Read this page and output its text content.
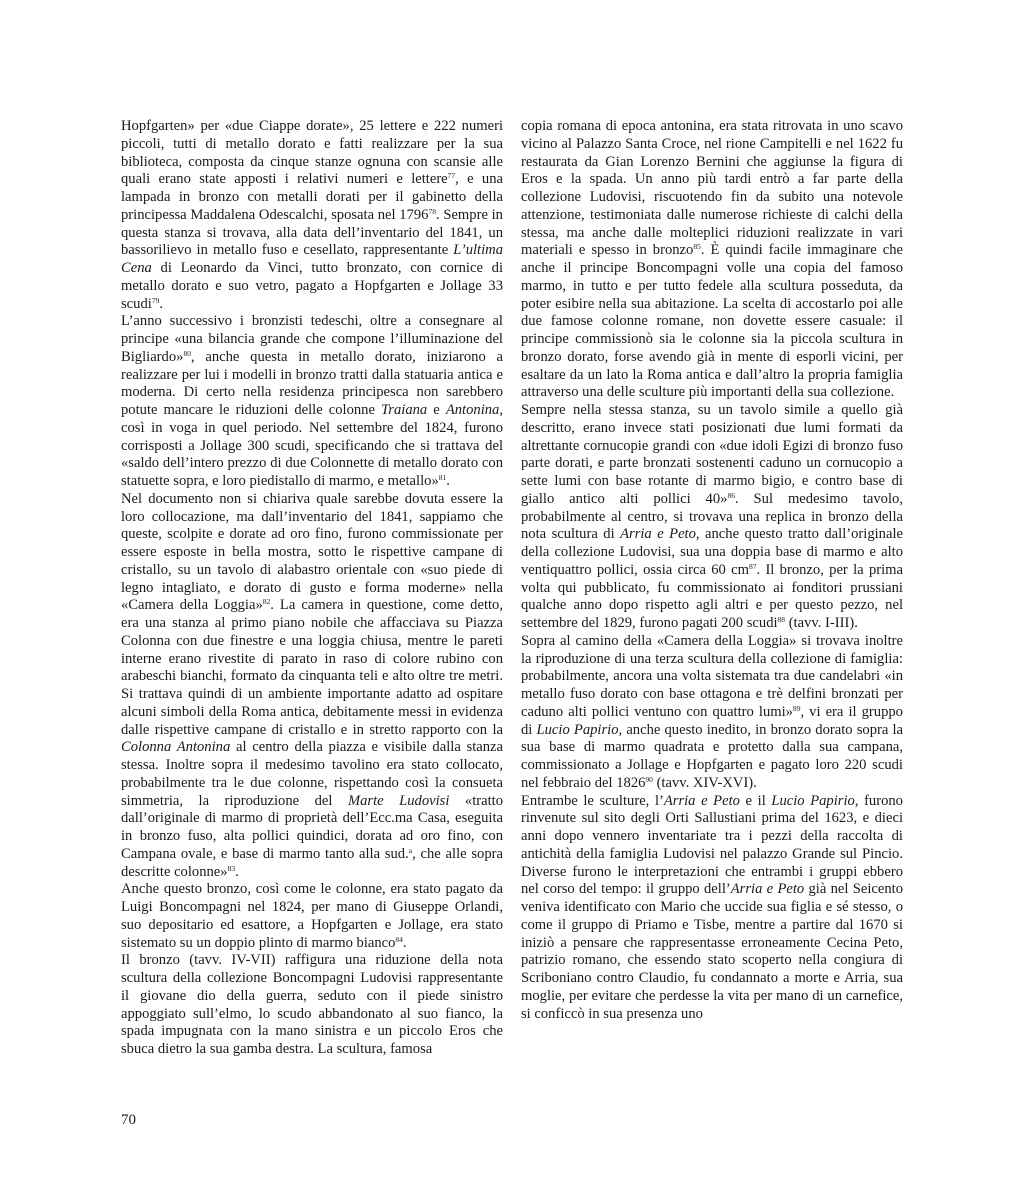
Hopfgarten» per «due Ciappe dorate», 25 lettere e 222 numeri piccoli, tutti di metallo dorato e fatti realizzare per la sua biblioteca, composta da cinque stanze ognuna con scansie alle quali erano state apposti i relativi numeri e lettere$^{77}$, e una lampada in bronzo con metalli dorati per il gabinetto della principessa Maddalena Odescalchi, sposata nel 1796$^{78}$. Sempre in questa stanza si trovava, alla data dell’inventario del 1841, un bassorilievo in metallo fuso e cesellato, rappresentante L’ultima Cena di Leonardo da Vinci, tutto bronzato, con cornice di metallo dorato e suo vetro, pagato a Hopfgarten e Jollage 33 scudi$^{79}$.

L’anno successivo i bronzisti tedeschi, oltre a consegnare al principe «una bilancia grande che compone l’illuminazione del Bigliardo»$^{80}$, anche questa in metallo dorato, iniziarono a realizzare per lui i modelli in bronzo tratti dalla statuaria antica e moderna. Di certo nella residenza principesca non sarebbero potute mancare le riduzioni delle colonne Traiana e Antonina, così in voga in quel periodo. Nel settembre del 1824, furono corrisposti a Jollage 300 scudi, specificando che si trattava del «saldo dell’intero prezzo di due Colonnette di metallo dorato con statuette sopra, e loro piedistallo di marmo, e metallo»$^{81}$.

Nel documento non si chiariva quale sarebbe dovuta essere la loro collocazione, ma dall’inventario del 1841, sappiamo che queste, scolpite e dorate ad oro fino, furono commissionate per essere esposte in bella mostra, sotto le rispettive campane di cristallo, su un tavolo di alabastro orientale con «suo piede di legno intagliato, e dorato di gusto e forma moderne» nella «Camera della Loggia»$^{82}$. La camera in questione, come detto, era una stanza al primo piano nobile che affacciava su Piazza Colonna con due finestre e una loggia chiusa, mentre le pareti interne erano rivestite di parato in raso di colore rubino con arabeschi bianchi, formato da cinquanta teli e alto oltre tre metri. Si trattava quindi di un ambiente importante adatto ad ospitare alcuni simboli della Roma antica, debitamente messi in evidenza dalle rispettive campane di cristallo e in stretto rapporto con la Colonna Antonina al centro della piazza e visibile dalla stanza stessa. Inoltre sopra il medesimo tavolino era stato collocato, probabilmente tra le due colonne, rispettando così la consueta simmetria, la riproduzione del Marte Ludovisi «tratto dall’originale di marmo di proprietà dell’Ecc.ma Casa, eseguita in bronzo fuso, alta pollici quindici, dorata ad oro fino, con Campana ovale, e base di marmo tanto alla sud.$^a$, che alle sopra descritte colonne»$^{83}$.

Anche questo bronzo, così come le colonne, era stato pagato da Luigi Boncompagni nel 1824, per mano di Giuseppe Orlandi, suo depositario ed esattore, a Hopfgarten e Jollage, era stato sistemato su un doppio plinto di marmo bianco$^{84}$.

Il bronzo (tavv. IV-VII) raffigura una riduzione della nota scultura della collezione Boncompagni Ludovisi rappresentante il giovane dio della guerra, seduto con il piede sinistro appoggiato sull’elmo, lo scudo abbandonato al suo fianco, la spada impugnata con la mano sinistra e un piccolo Eros che sbuca dietro la sua gamba destra. La scultura, famosa

copia romana di epoca antonina, era stata ritrovata in uno scavo vicino al Palazzo Santa Croce, nel rione Campitelli e nel 1622 fu restaurata da Gian Lorenzo Bernini che aggiunse la figura di Eros e la spada. Un anno più tardi entrò a far parte della collezione Ludovisi, riscuotendo fin da subito una notevole attenzione, testimoniata dalle numerose richieste di calchi della stessa, ma anche dalle molteplici riduzioni realizzate in vari materiali e spesso in bronzo$^{85}$. È quindi facile immaginare che anche il principe Boncompagni volle una copia del famoso marmo, in tutto e per tutto fedele alla scultura posseduta, da poter esibire nella sua abitazione. La scelta di accostarlo poi alle due famose colonne romane, non dovette essere casuale: il principe commissionò sia le colonne sia la piccola scultura in bronzo dorato, forse avendo già in mente di esporli vicini, per esaltare da un lato la Roma antica e dall’altro la propria famiglia attraverso una delle sculture più importanti della sua collezione.

Sempre nella stessa stanza, su un tavolo simile a quello già descritto, erano invece stati posizionati due lumi formati da altrettante cornucopie grandi con «due idoli Egizi di bronzo fuso parte dorati, e parte bronzati sostenenti caduno un cornucopio a sette lumi con base rotante di marmo bigio, e contro base di giallo antico alti pollici 40»$^{86}$. Sul medesimo tavolo, probabilmente al centro, si trovava una replica in bronzo della nota scultura di Arria e Peto, anche questo tratto dall’originale della collezione Ludovisi, sua una doppia base di marmo e alto ventiquattro pollici, ossia circa 60 $cm^{87}$. Il bronzo, per la prima volta qui pubblicato, fu commissionato ai fonditori prussiani qualche anno dopo rispetto agli altri e per questo pezzo, nel settembre del 1829, furono pagati 200 scudi$^{88}$ (tavv. I-III).

Sopra al camino della «Camera della Loggia» si trovava inoltre la riproduzione di una terza scultura della collezione di famiglia: probabilmente, ancora una volta sistemata tra due candelabri «in metallo fuso dorato con base ottagona e trè delfini bronzati per caduno alti pollici ventuno con quattro lumi»$^{89}$, vi era il gruppo di Lucio Papirio, anche questo inedito, in bronzo dorato sopra la sua base di marmo quadrata e protetto dalla sua campana, commissionato a Jollage e Hopfgarten e pagato loro 220 scudi nel febbraio del 1826$^{90}$ (tavv. XIV-XVI).

Entrambe le sculture, l’Arria e Peto e il Lucio Papirio, furono rinvenute sul sito degli Orti Sallustiani prima del 1623, e dieci anni dopo vennero inventariate tra i pezzi della raccolta di antichità della famiglia Ludovisi nel palazzo Grande sul Pincio. Diverse furono le interpretazioni che entrambi i gruppi ebbero nel corso del tempo: il gruppo dell’Arria e Peto già nel Seicento veniva identificato con Mario che uccide sua figlia e sé stesso, o come il gruppo di Priamo e Tisbe, mentre a partire dal 1670 si iniziò a pensare che rappresentasse erroneamente Cecina Peto, patrizio romano, che essendo stato scoperto nella congiura di Scriboniano contro Claudio, fu condannato a morte e Arria, sua moglie, per evitare che perdesse la vita per mano di un carnefice, si conficcò in sua presenza uno

70
